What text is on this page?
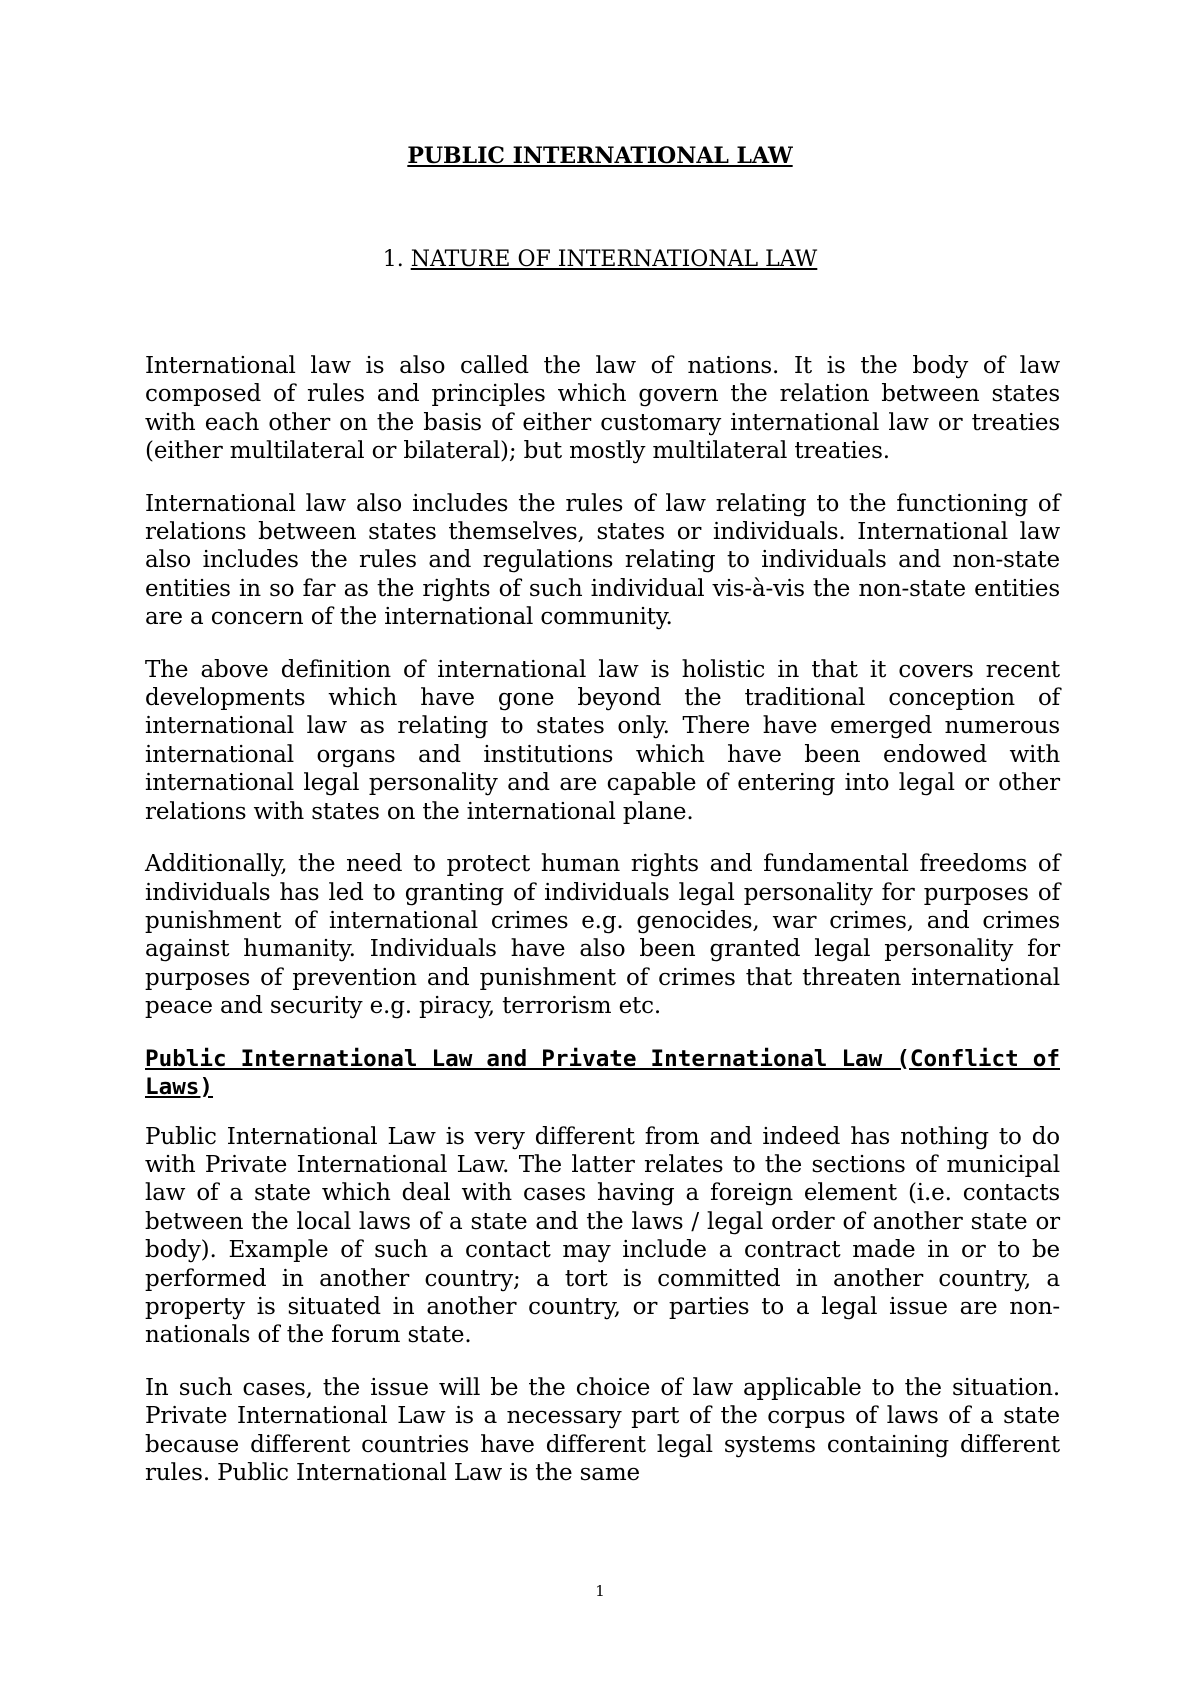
PUBLIC INTERNATIONAL LAW
1. NATURE OF INTERNATIONAL LAW

International law is also called the law of nations. It is the body of law composed of rules and principles which govern the relation between states with each other on the basis of either customary international law or treaties (either multilateral or bilateral); but mostly multilateral treaties.

International law also includes the rules of law relating to the functioning of relations between states themselves, states or individuals. International law also includes the rules and regulations relating to individuals and non-state entities in so far as the rights of such individual vis-à-vis the non-state entities are a concern of the international community.

The above definition of international law is holistic in that it covers recent developments which have gone beyond the traditional conception of international law as relating to states only. There have emerged numerous international organs and institutions which have been endowed with international legal personality and are capable of entering into legal or other relations with states on the international plane.

Additionally, the need to protect human rights and fundamental freedoms of individuals has led to granting of individuals legal personality for purposes of punishment of international crimes e.g. genocides, war crimes, and crimes against humanity. Individuals have also been granted legal personality for purposes of prevention and punishment of crimes that threaten international peace and security e.g. piracy, terrorism etc.

Public International Law and Private International Law (Conflict of Laws)

Public International Law is very different from and indeed has nothing to do with Private International Law. The latter relates to the sections of municipal law of a state which deal with cases having a foreign element (i.e. contacts between the local laws of a state and the laws / legal order of another state or body). Example of such a contact may include a contract made in or to be performed in another country; a tort is committed in another country, a property is situated in another country, or parties to a legal issue are non-nationals of the forum state.

In such cases, the issue will be the choice of law applicable to the situation. Private International Law is a necessary part of the corpus of laws of a state because different countries have different legal systems containing different rules. Public International Law is the same

1
